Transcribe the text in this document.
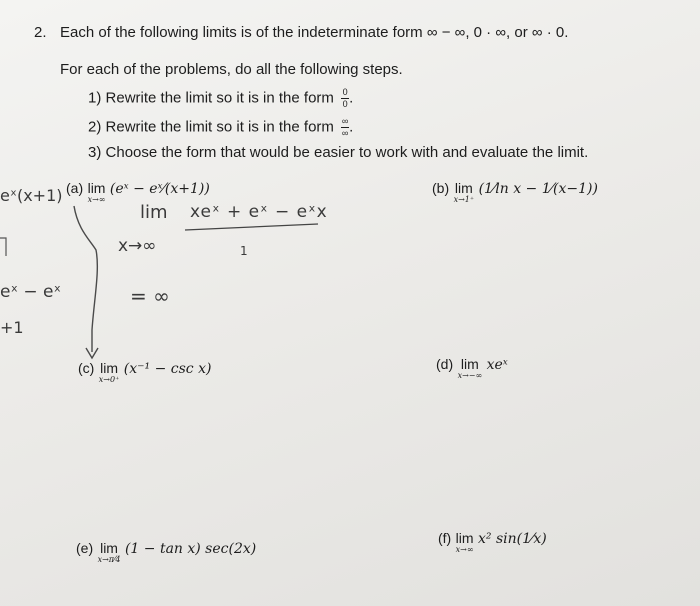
2. Each of the following limits is of the indeterminate form ∞ − ∞, 0 · ∞, or ∞ · 0.
For each of the problems, do all the following steps.
1) Rewrite the limit so it is in the form $\frac{0}{0}$ .
2) Rewrite the limit so it is in the form $\frac{\infty}{\infty}$ .
3) Choose the form that would be easier to work with and evaluate the limit.
(a) lim
x→∞
(eˣ − eˣ⁄(x+1))	(b) lim
x→1⁺
(1⁄ln x − 1⁄(x−1))
(c) lim
x→0⁺
(x⁻¹ − csc x)	(d) lim
x→−∞
xeˣ
(e) lim
x→π⁄4
(1 − tan x) sec(2x)
(f) lim
x→∞
x² sin(1⁄x)
eˣ(x+1)
eˣ − eˣ
+1
lim xeˣ + eˣ − eˣx
x→∞	1
= ∞
